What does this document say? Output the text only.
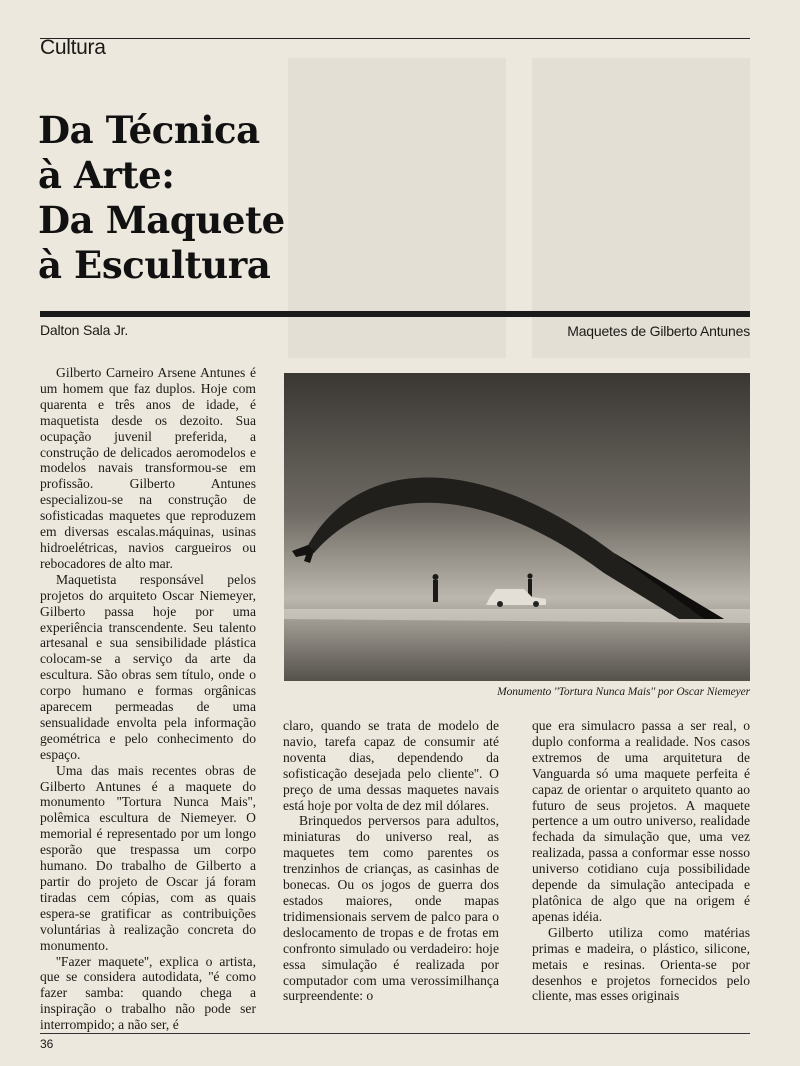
Cultura
Da Técnica
à Arte:
Da Maquete
à Escultura
Dalton Sala Jr.	Maquetes de Gilberto Antunes
Monumento ''Tortura Nunca Mais'' por Oscar Niemeyer

Gilberto Carneiro Arsene Antunes é um homem que faz duplos. Hoje com quarenta e três anos de idade, é maquetista desde os dezoito. Sua ocupação juvenil preferida, a construção de delicados aeromodelos e modelos navais transformou-se em profissão. Gilberto Antunes especializou-se na construção de sofisticadas maquetes que reproduzem em diversas escalas.máquinas, usinas hidroelétricas, navios cargueiros ou rebocadores de alto mar.

Maquetista responsável pelos projetos do arquiteto Oscar Niemeyer, Gilberto passa hoje por uma experiência transcendente. Seu talento artesanal e sua sensibilidade plástica colocam-se a serviço da arte da escultura. São obras sem título, onde o corpo humano e formas orgânicas aparecem permeadas de uma sensualidade envolta pela informação geométrica e pelo conhecimento do espaço.

Uma das mais recentes obras de Gilberto Antunes é a maquete do monumento ''Tortura Nunca Mais'', polêmica escultura de Niemeyer. O memorial é representado por um longo esporão que trespassa um corpo humano. Do trabalho de Gilberto a partir do projeto de Oscar já foram tiradas cem cópias, com as quais espera-se gratificar as contribuições voluntárias à realização concreta do monumento.

''Fazer maquete'', explica o artista, que se considera autodidata, ''é como fazer samba: quando chega a inspiração o trabalho não pode ser interrompido; a não ser, é

claro, quando se trata de modelo de navio, tarefa capaz de consumir até noventa dias, dependendo da sofisticação desejada pelo cliente''. O preço de uma dessas maquetes navais está hoje por volta de dez mil dólares.

Brinquedos perversos para adultos, miniaturas do universo real, as maquetes tem como parentes os trenzinhos de crianças, as casinhas de bonecas. Ou os jogos de guerra dos estados maiores, onde mapas tridimensionais servem de palco para o deslocamento de tropas e de frotas em confronto simulado ou verdadeiro: hoje essa simulação é realizada por computador com uma verossimilhança surpreendente: o

que era simulacro passa a ser real, o duplo conforma a realidade. Nos casos extremos de uma arquitetura de Vanguarda só uma maquete perfeita é capaz de orientar o arquiteto quanto ao futuro de seus projetos. A maquete pertence a um outro universo, realidade fechada da simulação que, uma vez realizada, passa a conformar esse nosso universo cotidiano cuja possibilidade depende da simulação antecipada e platônica de algo que na origem é apenas idéia.

Gilberto utiliza como matérias primas e madeira, o plástico, silicone, metais e resinas. Orienta-se por desenhos e projetos fornecidos pelo cliente, mas esses originais

36
